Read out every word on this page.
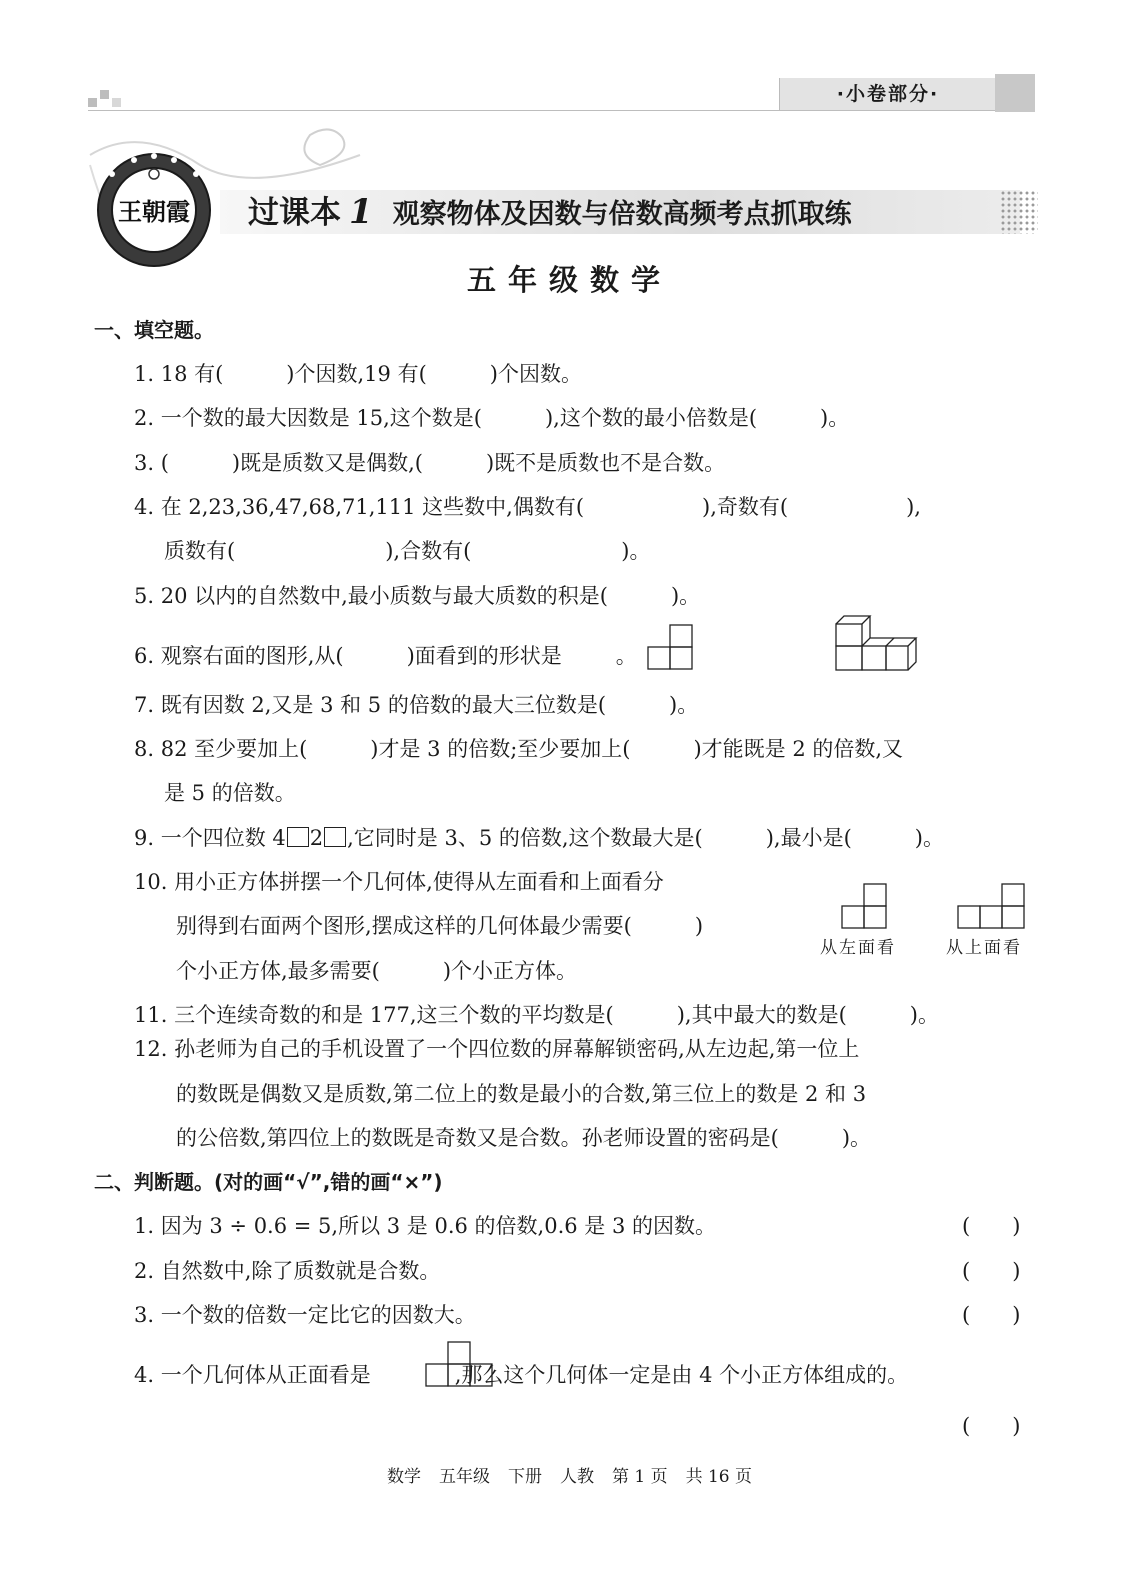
·小卷部分·
王朝霞 过课本 1 观察物体及因数与倍数高频考点抓取练
五年级数学
一、填空题。
1. 18 有(　　　)个因数,19 有(　　　)个因数。
2. 一个数的最大因数是 15,这个数是(　　　),这个数的最小倍数是(　　　)。
3. (　　　)既是质数又是偶数,(　　　)既不是质数也不是合数。
4. 在 2,23,36,47,68,71,111 这些数中,偶数有(	),奇数有(	),
质数有(	),合数有(	)。
5. 20 以内的自然数中,最小质数与最大质数的积是(　　　)。
6. 观察右面的图形,从(　　　)面看到的形状是	。
7. 既有因数 2,又是 3 和 5 的倍数的最大三位数是(　　　)。
8. 82 至少要加上(　　　)才是 3 的倍数;至少要加上(　　　)才能既是 2 的倍数,又
是 5 的倍数。
9. 一个四位数 4 2 ,它同时是 3、5 的倍数,这个数最大是(　　　),最小是(　　　)。
10. 用小正方体拼摆一个几何体,使得从左面看和上面看分
别得到右面两个图形,摆成这样的几何体最少需要(　　　)
个小正方体,最多需要(　　　)个小正方体。
从左面看	从上面看
11. 三个连续奇数的和是 177,这三个数的平均数是(　　　),其中最大的数是(　　　)。
12. 孙老师为自己的手机设置了一个四位数的屏幕解锁密码,从左边起,第一位上
的数既是偶数又是质数,第二位上的数是最小的合数,第三位上的数是 2 和 3
的公倍数,第四位上的数既是奇数又是合数。孙老师设置的密码是(　　　)。
二、判断题。(对的画“√”,错的画“×”)
1. 因为 3 ÷ 0.6 = 5,所以 3 是 0.6 的倍数,0.6 是 3 的因数。	(　　)
2. 自然数中,除了质数就是合数。	(　　)
3. 一个数的倍数一定比它的因数大。	(　　)
4. 一个几何体从正面看是	,那么这个几何体一定是由 4 个小正方体组成的。
(　　)
数学 五年级 下册 人教 第 1 页 共 16 页
